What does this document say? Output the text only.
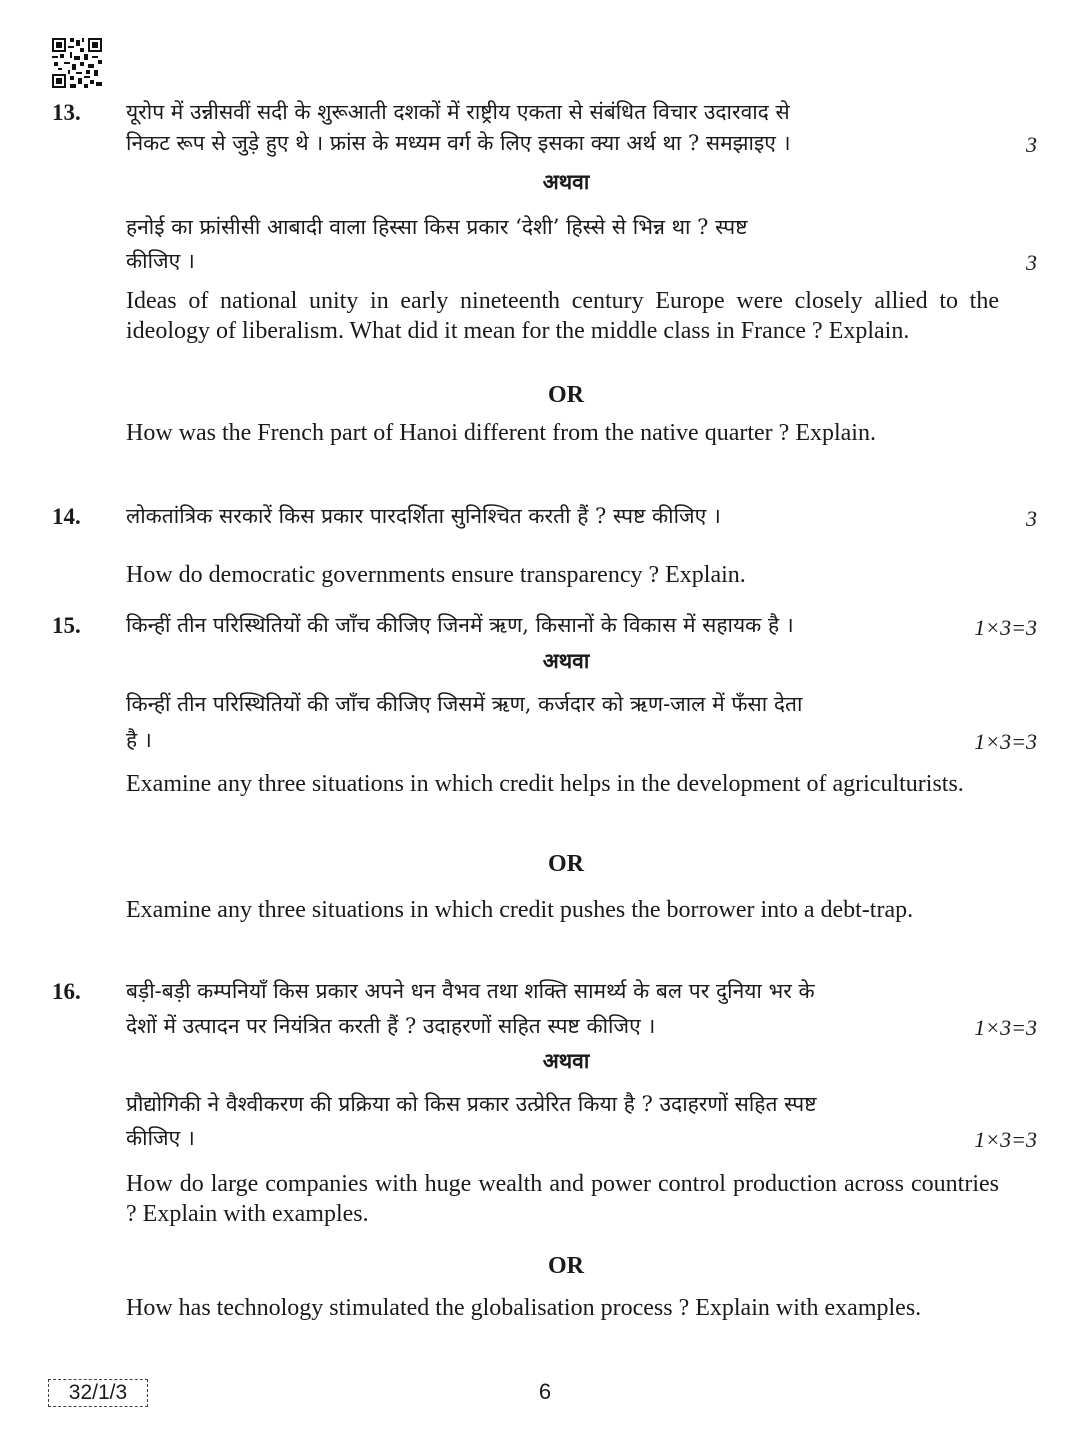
13. यूरोप में उन्नीसवीं सदी के शुरूआती दशकों में राष्ट्रीय एकता से संबंधित विचार उदारवाद से
निकट रूप से जुड़े हुए थे । फ्रांस के मध्यम वर्ग के लिए इसका क्या अर्थ था ? समझाइए ।	3
अथवा
हनोई का फ्रांसीसी आबादी वाला हिस्सा किस प्रकार ‘देशी’ हिस्से से भिन्न था ? स्पष्ट
कीजिए ।	3
Ideas of national unity in early nineteenth century Europe were closely allied to the ideology of liberalism. What did it mean for the middle class in France ? Explain.
OR
How was the French part of Hanoi different from the native quarter ? Explain.
14. लोकतांत्रिक सरकारें किस प्रकार पारदर्शिता सुनिश्चित करती हैं ? स्पष्ट कीजिए ।	3
How do democratic governments ensure transparency ? Explain.
15. किन्हीं तीन परिस्थितियों की जाँच कीजिए जिनमें ऋण, किसानों के विकास में सहायक है ।	1×3=3
अथवा
किन्हीं तीन परिस्थितियों की जाँच कीजिए जिसमें ऋण, कर्जदार को ऋण-जाल में फँसा देता
है ।	1×3=3
Examine any three situations in which credit helps in the development of agriculturists.
OR
Examine any three situations in which credit pushes the borrower into a debt-trap.
16. बड़ी-बड़ी कम्पनियाँ किस प्रकार अपने धन वैभव तथा शक्ति सामर्थ्य के बल पर दुनिया भर के
देशों में उत्पादन पर नियंत्रित करती हैं ? उदाहरणों सहित स्पष्ट कीजिए ।	1×3=3
अथवा
प्रौद्योगिकी ने वैश्वीकरण की प्रक्रिया को किस प्रकार उत्प्रेरित किया है ? उदाहरणों सहित स्पष्ट
कीजिए ।	1×3=3
How do large companies with huge wealth and power control production across countries ? Explain with examples.
OR
How has technology stimulated the globalisation process ? Explain with examples.
32/1/3	6
